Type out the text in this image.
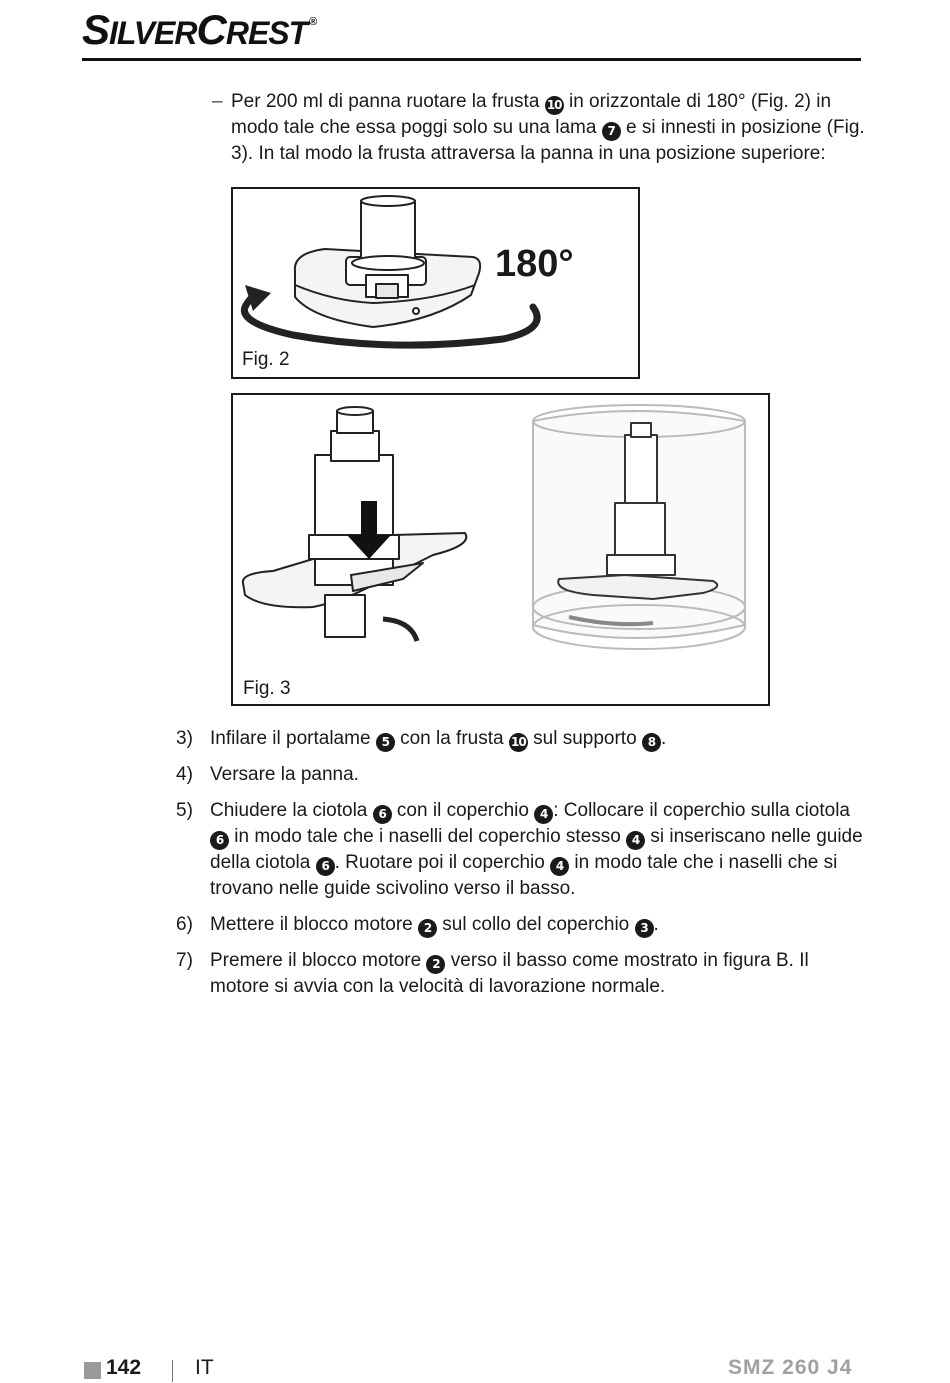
SILVERCREST ®
– Per 200 ml di panna ruotare la frusta 10 in orizzontale di 180° (Fig. 2) in modo tale che essa poggi solo su una lama 7 e si innesti in posizione (Fig. 3). In tal modo la frusta attraversa la panna in una posizione superiore:
180°
Fig. 2
Fig. 3
3) Infilare il portalame 5 con la frusta 10 sul supporto 8 .
4) Versare la panna.
5) Chiudere la ciotola 6 con il coperchio 4 : Collocare il coperchio sulla ciotola 6 in modo tale che i naselli del coperchio stesso 4 si inseriscano nelle guide della ciotola 6 . Ruotare poi il coperchio 4 in modo tale che i naselli che si trovano nelle guide scivolino verso il basso.
6) Mettere il blocco motore 2 sul collo del coperchio 3 .
7) Premere il blocco motore 2 verso il basso come mostrato in figura B. Il motore si avvia con la velocità di lavorazione normale.
142	IT	SMZ 260 J4
